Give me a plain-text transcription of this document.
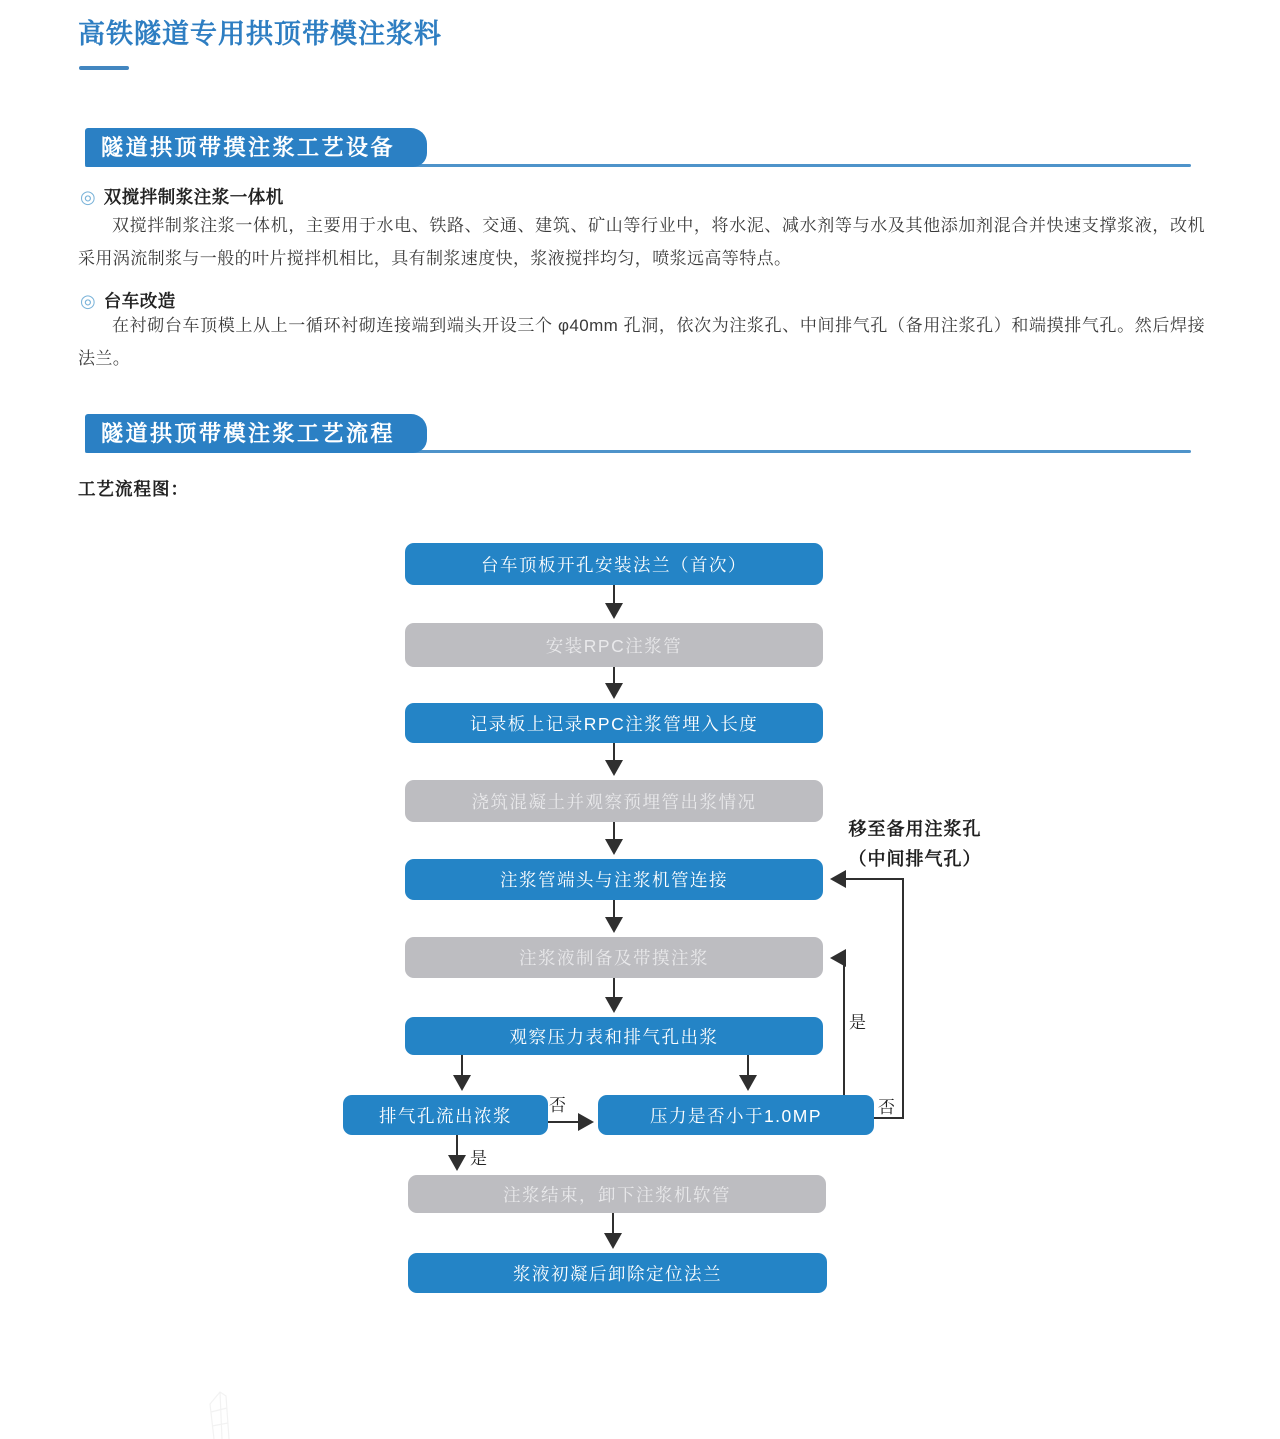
高铁隧道专用拱顶带模注浆料
隧道拱顶带摸注浆工艺设备
◎ 双搅拌制浆注浆一体机

双搅拌制浆注浆一体机，主要用于水电、铁路、交通、建筑、矿山等行业中，将水泥、减水剂等与水及其他添加剂混合并快速支撑浆液，改机采用涡流制浆与一般的叶片搅拌机相比，具有制浆速度快，浆液搅拌均匀，喷浆远高等特点。

◎ 台车改造

在衬砌台车顶模上从上一循环衬砌连接端到端头开设三个 φ40mm 孔洞，依次为注浆孔、中间排气孔（备用注浆孔）和端摸排气孔。然后焊接法兰。

隧道拱顶带模注浆工艺流程
工艺流程图：
台车顶板开孔安装法兰（首次）
安装RPC注浆管
记录板上记录RPC注浆管埋入长度
浇筑混凝土并观察预埋管出浆情况
注浆管端头与注浆机管连接
注浆液制备及带摸注浆
观察压力表和排气孔出浆
排气孔流出浓浆	压力是否小于1.0MP
注浆结束，卸下注浆机软管
浆液初凝后卸除定位法兰
否
是
是
否
移至备用注浆孔
（中间排气孔）
